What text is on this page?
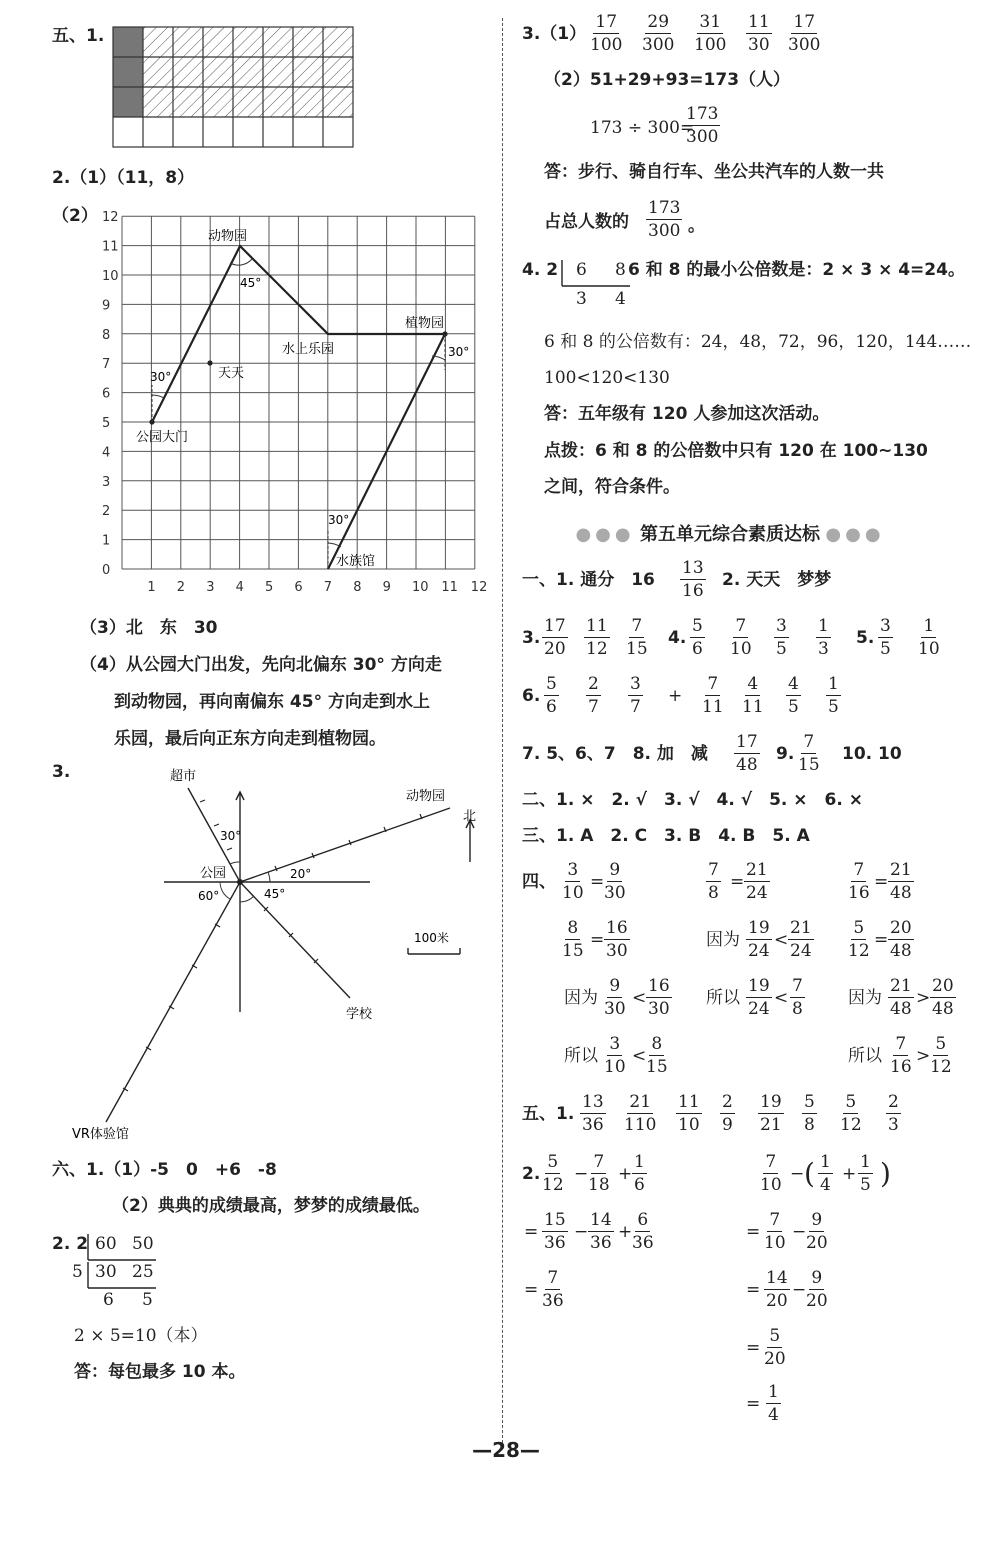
五、1.
2.（1）（11，8）
（2）
0
1
2
3
4
5
6
7
8
9
10
11
12
1 2 3 4 5 6 7 8 9 10 11 12
动物园
天天
水上乐园
植物园
公园大门
水族馆
45°
30°
30°
30°
（3）北　东　30
（4）从公园大门出发，先向北偏东 30° 方向走
到动物园，再向南偏东 45° 方向走到水上
乐园，最后向正东方向走到植物园。
3.	超市
动物园
北
公园
学校
VR体验馆
100米
30°
20°
60°	45°
六、1.（1）-5　0　+6　-8
（2）典典的成绩最高，梦梦的成绩最低。
2. 2 60 50
5 30 25
6 5
2 × 5=10（本）
答：每包最多 10 本。
$3.(1) \frac{17}{100} \frac{29}{300} \frac{31}{100} \frac{11}{30} \frac{17}{300}$
（2）51+29+93=173（人）
173 ÷ 300=
$\frac{173}{300}$
答：步行、骑自行车、坐公共汽车的人数一共
占总人数的 $\frac{173}{300}$ 。
4. 2 6 8 6 和 8 的最小公倍数是：2 × 3 × 4=24。
3 4
6 和 8 的公倍数有：24，48，72，96，120，144……
100<120<130
答：五年级有 120 人参加这次活动。
点拨：6 和 8 的公倍数中只有 120 在 100~130
之间，符合条件。
●●● 第五单元综合素质达标 ●●●
一、1. 通分　$16 \frac{13}{16} 2$. 天天　梦梦
3. $\frac{17}{20} \frac{11}{12} \frac{7}{15} 4$. $\frac{5}{6} \frac{7}{10} \frac{3}{5} \frac{1}{3} 5$. $\frac{3}{5} \frac{1}{10}$
6. $\frac{5}{6} \frac{2}{7} \frac{3}{7} + \frac{7}{11} \frac{4}{11} \frac{4}{5} \frac{1}{5}$
7. 5、6、7　8. 加　减 $\frac{17}{48} 9$. $\frac{7}{15} 10$. 10
二、1. ×　2. √　3. √　4. √　5. ×　6. ×
三、1. A　2. C　3. B　4. B　5. A
四、 $\frac{3}{10} = \frac{9}{30}$
$\frac{8}{15} = \frac{16}{30}$
因为 $\frac{9}{30} < \frac{16}{30}$
所以 $\frac{3}{10} < \frac{8}{15}$
$\frac{7}{8} = \frac{21}{24}$
因为 $\frac{19}{24} < \frac{21}{24}$
所以 $\frac{19}{24} < \frac{7}{8}$
$\frac{7}{16} = \frac{21}{48}$
$\frac{5}{12} = \frac{20}{48}$
因为 $\frac{21}{48} > \frac{20}{48}$
所以 $\frac{7}{16} > \frac{5}{12}$
五、1. $\frac{13}{36} \frac{21}{110} \frac{11}{10} \frac{2}{9} \frac{19}{21} \frac{5}{8} \frac{5}{12} \frac{2}{3}$
2. $\frac{5}{12} - \frac{7}{18} + \frac{1}{6}$
= $\frac{15}{36} - \frac{14}{36} + \frac{6}{36}$
= $\frac{7}{36}$
$\frac{7}{10}$ − ( $\frac{1}{4} + \frac{1}{5}$ )
= $\frac{7}{10} - \frac{9}{20}$
= $\frac{14}{20} - \frac{9}{20}$
= $\frac{5}{20}$
= $\frac{1}{4}$
—28—
